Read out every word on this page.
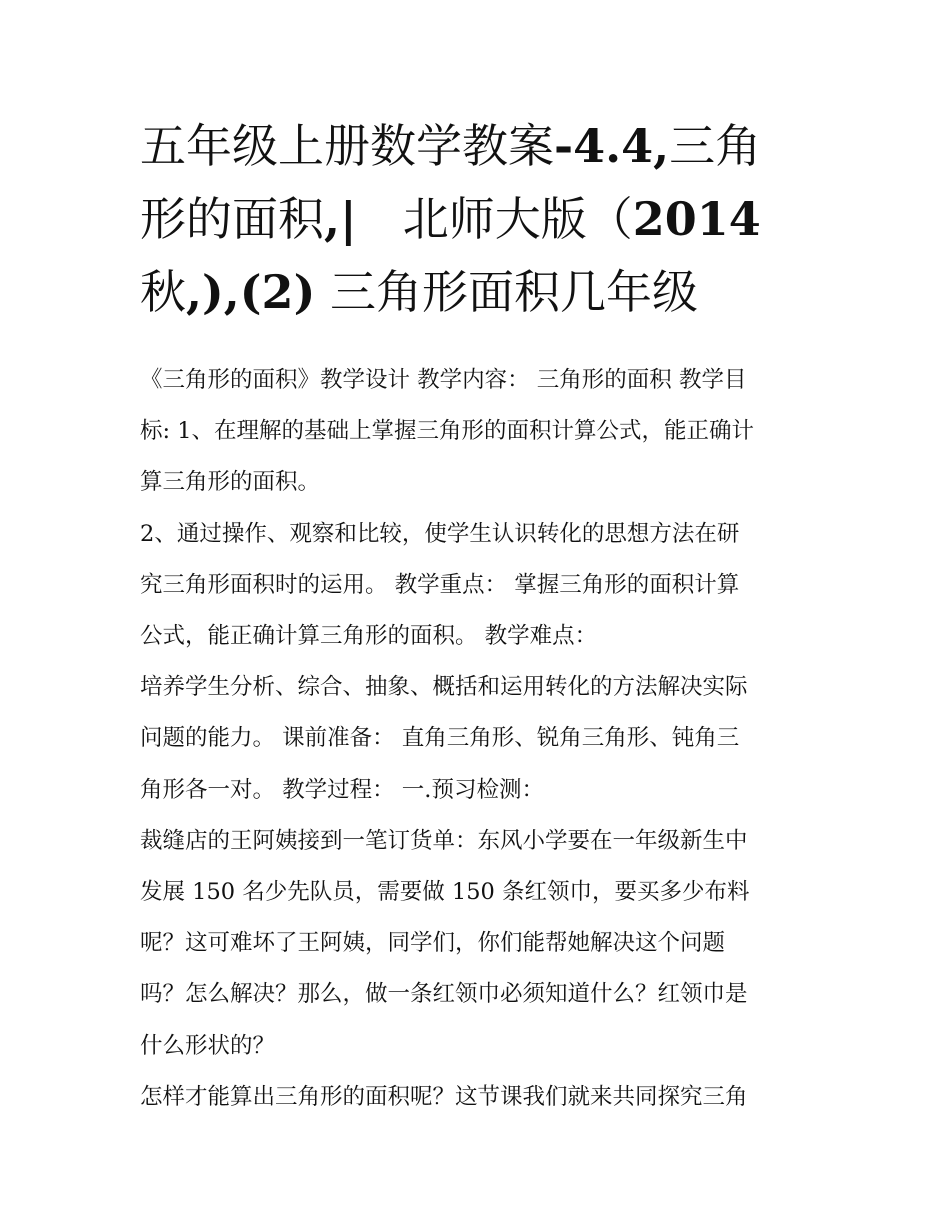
五年级上册数学教案-4.4,三角
形的面积,|　北师大版（2014
秋,),(2) 三角形面积几年级
《三角形的面积》教学设计 教学内容： 三角形的面积 教学目
标: 1、在理解的基础上掌握三角形的面积计算公式，能正确计
算三角形的面积。
2、通过操作、观察和比较，使学生认识转化的思想方法在研
究三角形面积时的运用。 教学重点： 掌握三角形的面积计算
公式，能正确计算三角形的面积。 教学难点：
培养学生分析、综合、抽象、概括和运用转化的方法解决实际
问题的能力。 课前准备： 直角三角形、锐角三角形、钝角三
角形各一对。 教学过程： 一.预习检测：
裁缝店的王阿姨接到一笔订货单：东风小学要在一年级新生中
发展 150 名少先队员，需要做 150 条红领巾，要买多少布料
呢？这可难坏了王阿姨，同学们，你们能帮她解决这个问题
吗？怎么解决？那么，做一条红领巾必须知道什么？红领巾是
什么形状的？
怎样才能算出三角形的面积呢？这节课我们就来共同探究三角
